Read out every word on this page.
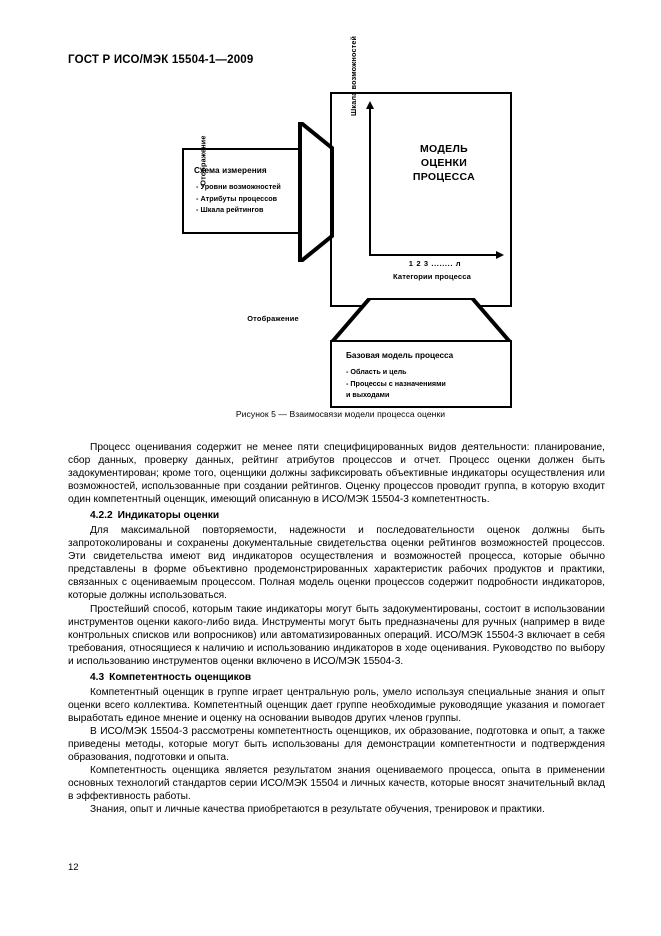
ГОСТ Р ИСО/МЭК 15504-1—2009
Отображение
Отображение
Шкала возможностей
МОДЕЛЬ
ОЦЕНКИ
ПРОЦЕССА
1 2 3 ........ л
Категории процесса
Схема измерения
- Уровни возможностей
- Атрибуты процессов
- Шкала рейтингов
Базовая модель процесса
- Область и цель
- Процессы с назначениями
и выходами
Рисунок 5 — Взаимосвязи модели процесса оценки

Процесс оценивания содержит не менее пяти специфицированных видов деятельности: планирование, сбор данных, проверку данных, рейтинг атрибутов процессов и отчет. Процесс оценки должен быть задокументирован; кроме того, оценщики должны зафиксировать объективные индикаторы осуществления или возможностей, использованные при создании рейтингов. Оценку процессов проводит группа, в которую входит один компетентный оценщик, имеющий описанную в ИСО/МЭК 15504-3 компетентность.

4.2.2 Индикаторы оценки

Для максимальной повторяемости, надежности и последовательности оценок должны быть запротоколированы и сохранены документальные свидетельства оценки рейтингов возможностей процессов. Эти свидетельства имеют вид индикаторов осуществления и возможностей процесса, которые обычно представлены в форме объективно продемонстрированных характеристик рабочих продуктов и практики, связанных с оцениваемым процессом. Полная модель оценки процессов содержит подробности индикаторов, которые должны использоваться.

Простейший способ, которым такие индикаторы могут быть задокументированы, состоит в использовании инструментов оценки какого-либо вида. Инструменты могут быть предназначены для ручных (например в виде контрольных списков или вопросников) или автоматизированных операций. ИСО/МЭК 15504-3 включает в себя требования, относящиеся к наличию и использованию индикаторов в ходе оценивания. Руководство по выбору и использованию инструментов оценки включено в ИСО/МЭК 15504-3.

4.3 Компетентность оценщиков

Компетентный оценщик в группе играет центральную роль, умело используя специальные знания и опыт оценки всего коллектива. Компетентный оценщик дает группе необходимые руководящие указания и помогает выработать единое мнение и оценку на основании выводов других членов группы.

В ИСО/МЭК 15504-3 рассмотрены компетентность оценщиков, их образование, подготовка и опыт, а также приведены методы, которые могут быть использованы для демонстрации компетентности и подтверждения образования, подготовки и опыта.

Компетентность оценщика является результатом знания оцениваемого процесса, опыта в применении основных технологий стандартов серии ИСО/МЭК 15504 и личных качеств, которые вносят значительный вклад в эффективность работы.

Знания, опыт и личные качества приобретаются в результате обучения, тренировок и практики.

12
